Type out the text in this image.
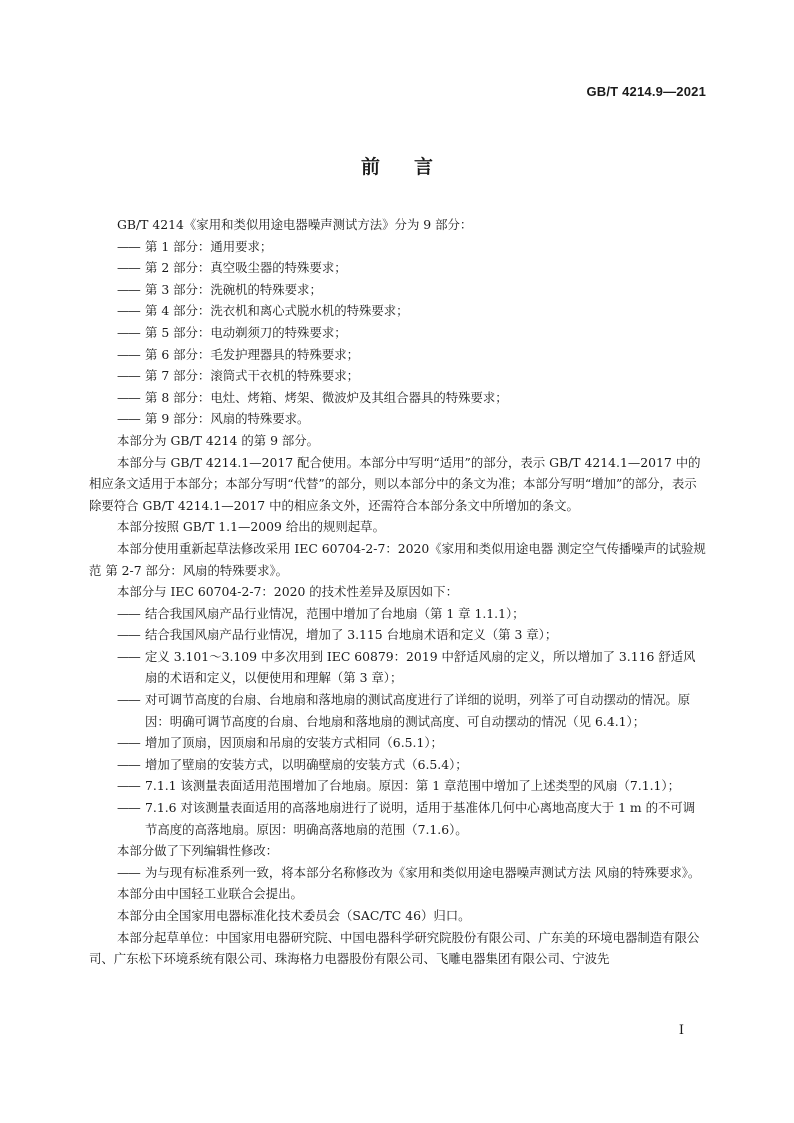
GB/T 4214.9—2021
前言

GB/T 4214《家用和类似用途电器噪声测试方法》分为 9 部分：

—— 第 1 部分：通用要求；

—— 第 2 部分：真空吸尘器的特殊要求；

—— 第 3 部分：洗碗机的特殊要求；

—— 第 4 部分：洗衣机和离心式脱水机的特殊要求；

—— 第 5 部分：电动剃须刀的特殊要求；

—— 第 6 部分：毛发护理器具的特殊要求；

—— 第 7 部分：滚筒式干衣机的特殊要求；

—— 第 8 部分：电灶、烤箱、烤架、微波炉及其组合器具的特殊要求；

—— 第 9 部分：风扇的特殊要求。

本部分为 GB/T 4214 的第 9 部分。

本部分与 GB/T 4214.1—2017 配合使用。本部分中写明“适用”的部分，表示 GB/T 4214.1—2017 中的相应条文适用于本部分；本部分写明“代替”的部分，则以本部分中的条文为准；本部分写明“增加”的部分，表示除要符合 GB/T 4214.1—2017 中的相应条文外，还需符合本部分条文中所增加的条文。

本部分按照 GB/T 1.1—2009 给出的规则起草。

本部分使用重新起草法修改采用 IEC 60704-2-7：2020《家用和类似用途电器 测定空气传播噪声的试验规范 第 2-7 部分：风扇的特殊要求》。

本部分与 IEC 60704-2-7：2020 的技术性差异及原因如下：

—— 结合我国风扇产品行业情况，范围中增加了台地扇（第 1 章 1.1.1）；

—— 结合我国风扇产品行业情况，增加了 3.115 台地扇术语和定义（第 3 章）；

—— 定义 3.101～3.109 中多次用到 IEC 60879：2019 中舒适风扇的定义，所以增加了 3.116 舒适风扇的术语和定义，以便使用和理解（第 3 章）；

—— 对可调节高度的台扇、台地扇和落地扇的测试高度进行了详细的说明，列举了可自动摆动的情况。原因：明确可调节高度的台扇、台地扇和落地扇的测试高度、可自动摆动的情况（见 6.4.1）；

—— 增加了顶扇，因顶扇和吊扇的安装方式相同（6.5.1）；

—— 增加了壁扇的安装方式，以明确壁扇的安装方式（6.5.4）；

—— 7.1.1 该测量表面适用范围增加了台地扇。原因：第 1 章范围中增加了上述类型的风扇（7.1.1）；

—— 7.1.6 对该测量表面适用的高落地扇进行了说明，适用于基准体几何中心离地高度大于 1 m 的不可调节高度的高落地扇。原因：明确高落地扇的范围（7.1.6）。

本部分做了下列编辑性修改：

—— 为与现有标准系列一致，将本部分名称修改为《家用和类似用途电器噪声测试方法 风扇的特殊要求》。

本部分由中国轻工业联合会提出。

本部分由全国家用电器标准化技术委员会（SAC/TC 46）归口。

本部分起草单位：中国家用电器研究院、中国电器科学研究院股份有限公司、广东美的环境电器制造有限公司、广东松下环境系统有限公司、珠海格力电器股份有限公司、飞雕电器集团有限公司、宁波先

I
